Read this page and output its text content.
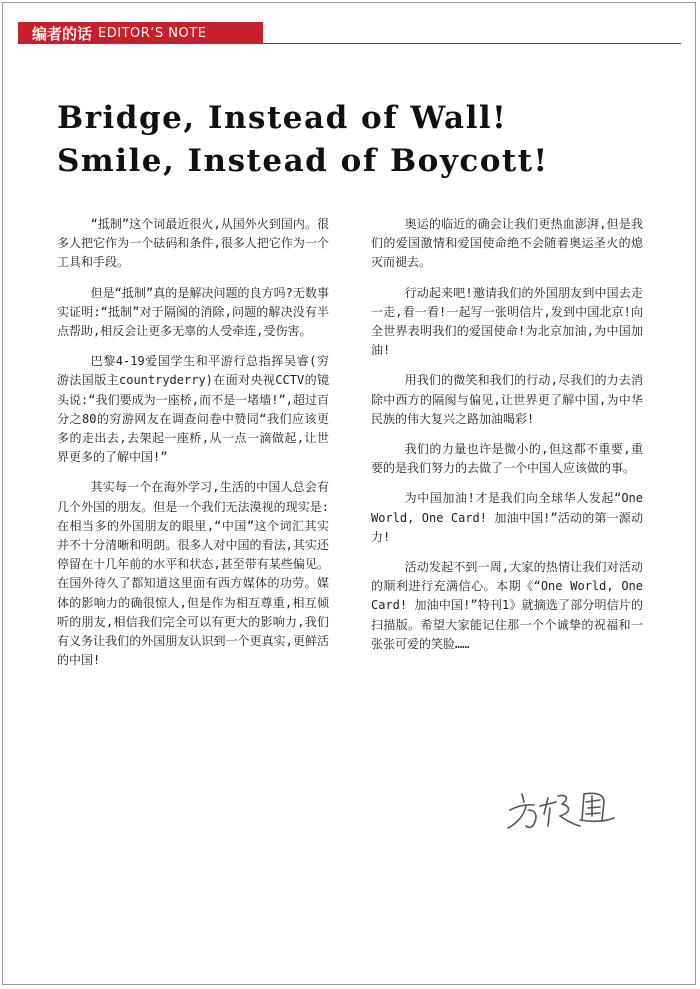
编者的话 EDITOR’S NOTE
Bridge, Instead of Wall!
Smile, Instead of Boycott!

“抵制”这个词最近很火,从国外火到国内。很多人把它作为一个砝码和条件,很多人把它作为一个工具和手段。

但是“抵制”真的是解决问题的良方吗?无数事实证明:“抵制”对于隔阂的消除,问题的解决没有半点帮助,相反会让更多无辜的人受牵连,受伤害。

巴黎4-19爱国学生和平游行总指挥吴睿(穷游法国版主countryderry)在面对央视CCTV的镜头说:“我们要成为一座桥,而不是一堵墙!”,超过百分之80的穷游网友在调查问卷中赞同“我们应该更多的走出去,去架起一座桥,从一点一滴做起,让世界更多的了解中国!”

其实每一个在海外学习,生活的中国人总会有几个外国的朋友。但是一个我们无法漠视的现实是:在相当多的外国朋友的眼里,“中国”这个词汇其实并不十分清晰和明朗。很多人对中国的看法,其实还停留在十几年前的水平和状态,甚至带有某些偏见。在国外待久了都知道这里面有西方媒体的功劳。媒体的影响力的确很惊人,但是作为相互尊重,相互倾听的朋友,相信我们完全可以有更大的影响力,我们有义务让我们的外国朋友认识到一个更真实,更鲜活的中国!

奥运的临近的确会让我们更热血澎湃,但是我们的爱国激情和爱国使命绝不会随着奥运圣火的熄灭而褪去。

行动起来吧!邀请我们的外国朋友到中国去走一走,看一看!一起写一张明信片,发到中国北京!向全世界表明我们的爱国使命!为北京加油,为中国加油!

用我们的微笑和我们的行动,尽我们的力去消除中西方的隔阂与偏见,让世界更了解中国,为中华民族的伟大复兴之路加油喝彩!

我们的力量也许是微小的,但这都不重要,重要的是我们努力的去做了一个中国人应该做的事。

为中国加油!才是我们向全球华人发起“One World, One Card! 加油中国!”活动的第一源动力!

活动发起不到一周,大家的热情让我们对活动的顺利进行充满信心。本期《“One World, One Card! 加油中国!”特刊1》就摘选了部分明信片的扫描版。希望大家能记住那一个个诚挚的祝福和一张张可爱的笑脸……
